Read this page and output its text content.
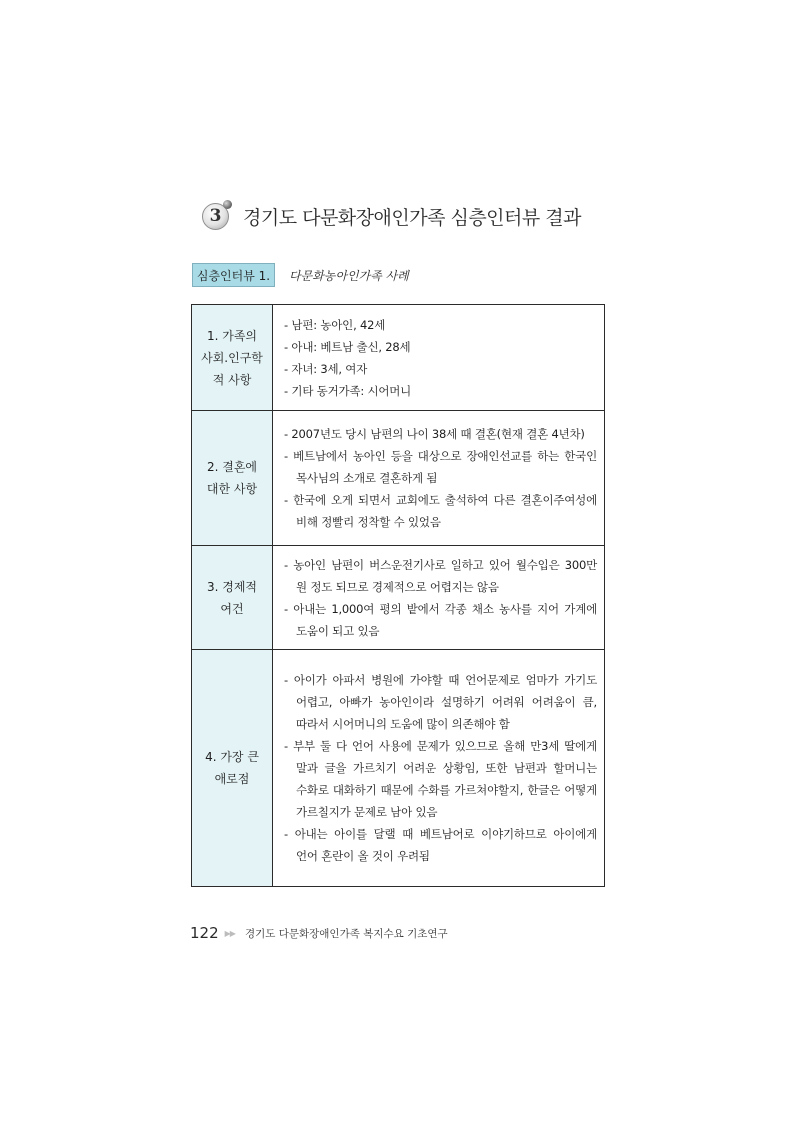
3 경기도 다문화장애인가족 심층인터뷰 결과
심층인터뷰 1.	다문화농아인가족 사례
1. 가족의
사회.인구학
적 사항
- 남편: 농아인, 42세
- 아내: 베트남 출신, 28세
- 자녀: 3세, 여자
- 기타 동거가족: 시어머니
2. 결혼에
대한 사항
- 2007년도 당시 남편의 나이 38세 때 결혼(현재 결혼 4년차)
- 베트남에서 농아인 등을 대상으로 장애인선교를 하는 한국인 목사님의 소개로 결혼하게 됨
- 한국에 오게 되면서 교회에도 출석하여 다른 결혼이주여성에 비해 정빨리 정착할 수 있었음
3. 경제적
여건
- 농아인 남편이 버스운전기사로 일하고 있어 월수입은 300만 원 정도 되므로 경제적으로 어렵지는 않음
- 아내는 1,000여 평의 밭에서 각종 채소 농사를 지어 가계에 도움이 되고 있음
4. 가장 큰
애로점
- 아이가 아파서 병원에 가야할 때 언어문제로 엄마가 가기도 어렵고, 아빠가 농아인이라 설명하기 어려워 어려움이 큼, 따라서 시어머니의 도움에 많이 의존해야 함
- 부부 둘 다 언어 사용에 문제가 있으므로 올해 만3세 딸에게 말과 글을 가르치기 어려운 상황임, 또한 남편과 할머니는 수화로 대화하기 때문에 수화를 가르쳐야할지, 한글은 어떻게 가르칠지가 문제로 남아 있음
- 아내는 아이를 달랠 때 베트남어로 이야기하므로 아이에게 언어 혼란이 올 것이 우려됨
122 ▶▶ 경기도 다문화장애인가족 복지수요 기초연구
